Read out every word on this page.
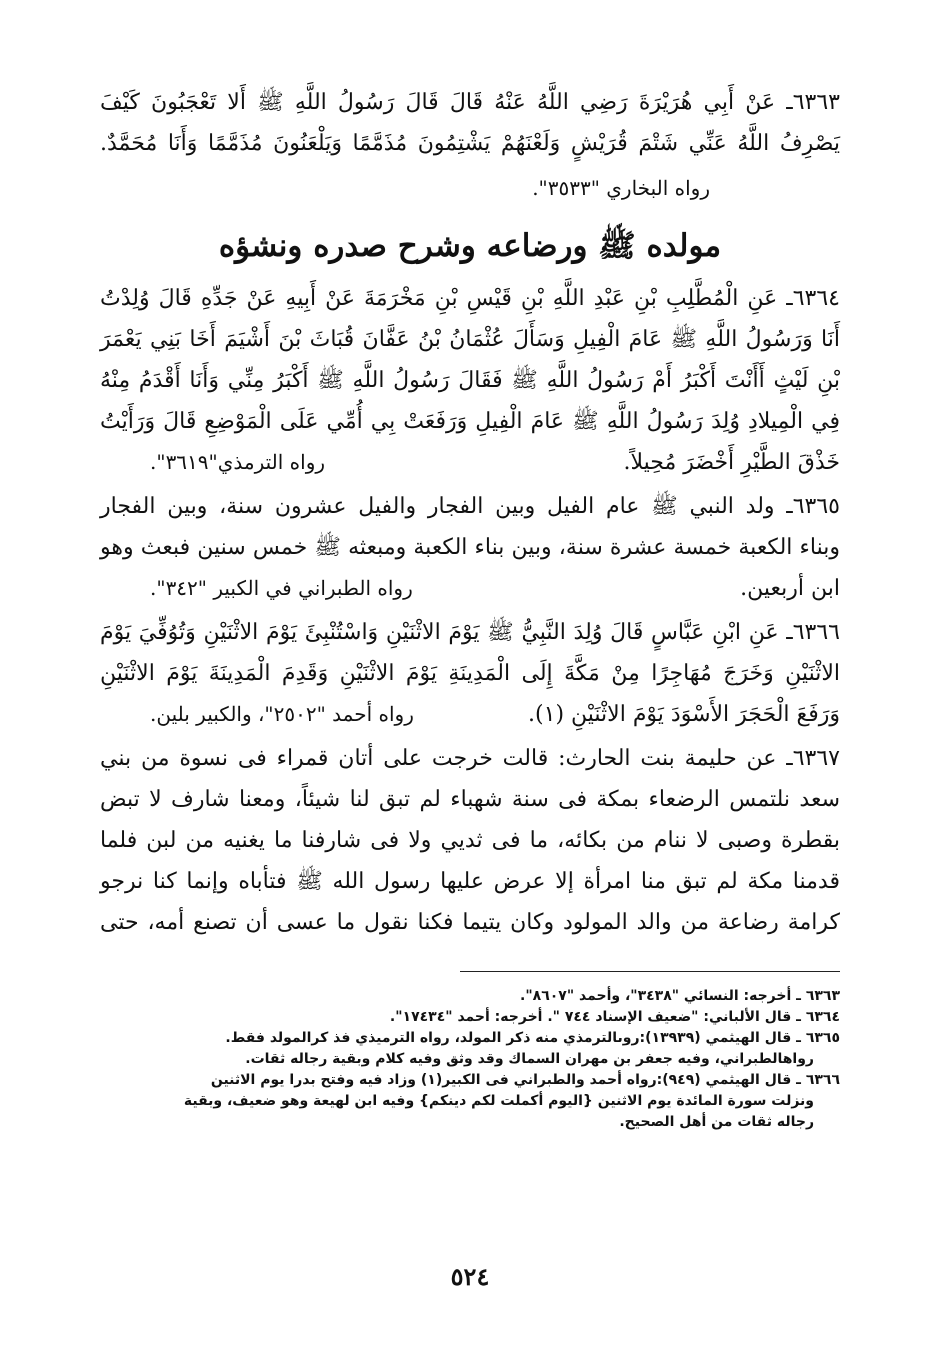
٦٣٦٣ـ عَنْ أَبِي هُرَيْرَةَ رَضِي اللَّهُ عَنْهُ قَالَ قَالَ رَسُولُ اللَّهِ ﷺ أَلا تَعْجَبُونَ كَيْفَ
يَصْرِفُ اللَّهُ عَنِّي شَتْمَ قُرَيْشٍ وَلَعْنَهُمْ يَشْتِمُونَ مُذَمَّمًا وَيَلْعَنُونَ مُذَمَّمًا وَأَنَا مُحَمَّدٌ.
رواه البخاري "٣٥٣٣".
مولده ﷺ ورضاعه وشرح صدره ونشؤه
٦٣٦٤ـ عَنِ الْمُطَّلِبِ بْنِ عَبْدِ اللَّهِ بْنِ قَيْسِ بْنِ مَخْرَمَةَ عَنْ أَبِيهِ عَنْ جَدِّهِ قَالَ وُلِدْتُ
أَنَا وَرَسُولُ اللَّهِ ﷺ عَامَ الْفِيلِ وَسَأَلَ عُثْمَانُ بْنُ عَفَّانَ قُبَاثَ بْنَ أَشْيَمَ أَخَا بَنِي يَعْمَرَ
بْنِ لَيْثٍ أَأَنْتَ أَكْبَرُ أَمْ رَسُولُ اللَّهِ ﷺ فَقَالَ رَسُولُ اللَّهِ ﷺ أَكْبَرُ مِنِّي وَأَنَا أَقْدَمُ مِنْهُ
فِي الْمِيلادِ وُلِدَ رَسُولُ اللَّهِ ﷺ عَامَ الْفِيلِ وَرَفَعَتْ بِي أُمِّي عَلَى الْمَوْضِعِ قَالَ وَرَأَيْتُ
خَذْقَ الطَّيْرِ أَخْضَرَ مُحِيلاً.
رواه الترمذي"٣٦١٩".
٦٣٦٥ـ ولد النبي ﷺ عام الفيل وبين الفجار والفيل عشرون سنة، وبين الفجار
وبناء الكعبة خمسة عشرة سنة، وبين بناء الكعبة ومبعثه ﷺ خمس سنين فبعث وهو
ابن أربعين.
رواه الطبراني في الكبير "٣٤٢".
٦٣٦٦ـ عَنِ ابْنِ عَبَّاسٍ قَالَ وُلِدَ النَّبِيُّ ﷺ يَوْمَ الاثْنَيْنِ وَاسْتُنْبِئَ يَوْمَ الاثْنَيْنِ وَتُوُفِّيَ يَوْمَ
الاثْنَيْنِ وَخَرَجَ مُهَاجِرًا مِنْ مَكَّةَ إِلَى الْمَدِينَةِ يَوْمَ الاثْنَيْنِ وَقَدِمَ الْمَدِينَةَ يَوْمَ الاثْنَيْنِ
وَرَفَعَ الْحَجَرَ الأَسْوَدَ يَوْمَ الاثْنَيْنِ (١).
رواه أحمد "٢٥٠٢"، والكبير بلين.
٦٣٦٧ـ عن حليمة بنت الحارث: قالت خرجت على أتان قمراء فى نسوة من بني
سعد نلتمس الرضعاء بمكة فى سنة شهباء لم تبق لنا شيئاً، ومعنا شارف لا تبض
بقطرة وصبى لا ننام من بكائه، ما فى ثديي ولا فى شارفنا ما يغنيه من لبن فلما
قدمنا مكة لم تبق منا امرأة إلا عرض عليها رسول الله ﷺ فتأباه وإنما كنا نرجو
كرامة رضاعة من والد المولود وكان يتيما فكنا نقول ما عسى أن تصنع أمه، حتى
٦٣٦٣ ـ أخرجه: النسائي "٣٤٣٨"، وأحمد "٨٦٠٧".
٦٣٦٤ ـ قال الألباني: "ضعيف الإسناد ٧٤٤ ". أخرجه: أحمد "١٧٤٣٤".
٦٣٦٥ ـ قال الهيثمي (١٣٩٣٩):روىالترمذي منه ذكر المولد، رواه الترميذي فذ كرالمولد فقط.
رواهالطبراني، وفيه جعفر بن مهران السماك وقد وثق وفيه كلام وبقية رجاله ثقات.
٦٣٦٦ ـ قال الهيثمي (٩٤٩):رواه أحمد والطبراني فى الكبير(١) وزاد فيه وفتح بدرا يوم الاثنين
ونزلت سورة المائدة يوم الاثنين {اليوم أكملت لكم دينكم} وفيه ابن لهيعة وهو ضعيف، وبقية
رجاله ثقات من أهل الصحيح.
٥٢٤
